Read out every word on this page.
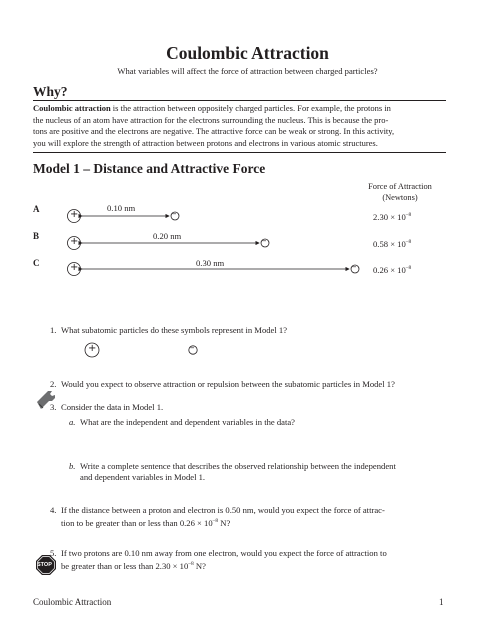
Coulombic Attraction
What variables will affect the force of attraction between charged particles?
Why?
Coulombic attraction is the attraction between oppositely charged particles. For example, the protons in
the nucleus of an atom have attraction for the electrons surrounding the nucleus. This is because the pro-
tons are positive and the electrons are negative. The attractive force can be weak or strong. In this activity,
you will explore the strength of attraction between protons and electrons in various atomic structures.
Model 1 – Distance and Attractive Force
Force of Attraction
(Newtons)
A	0.10 nm
$2.30 \times 10^{-8}$
B	0.20 nm
$0.58 \times 10^{-8}$
C	0.30 nm
$0.26 \times 10^{-8}$
+	–
+	–
+	–
+	–
STOP
1. What subatomic particles do these symbols represent in Model 1?
2. Would you expect to observe attraction or repulsion between the subatomic particles in Model 1?
3. Consider the data in Model 1.
a. What are the independent and dependent variables in the data?
b. Write a complete sentence that describes the observed relationship between the independent
and dependent variables in Model 1.
4. If the distance between a proton and electron is 0.50 nm, would you expect the force of attrac-
tion to be greater than or less than $0.26 \times 10^{-8}$ N?
5. If two protons are 0.10 nm away from one electron, would you expect the force of attraction to
be greater than or less than $2.30 \times 10^{-8}$ N?
Coulombic Attraction	1
